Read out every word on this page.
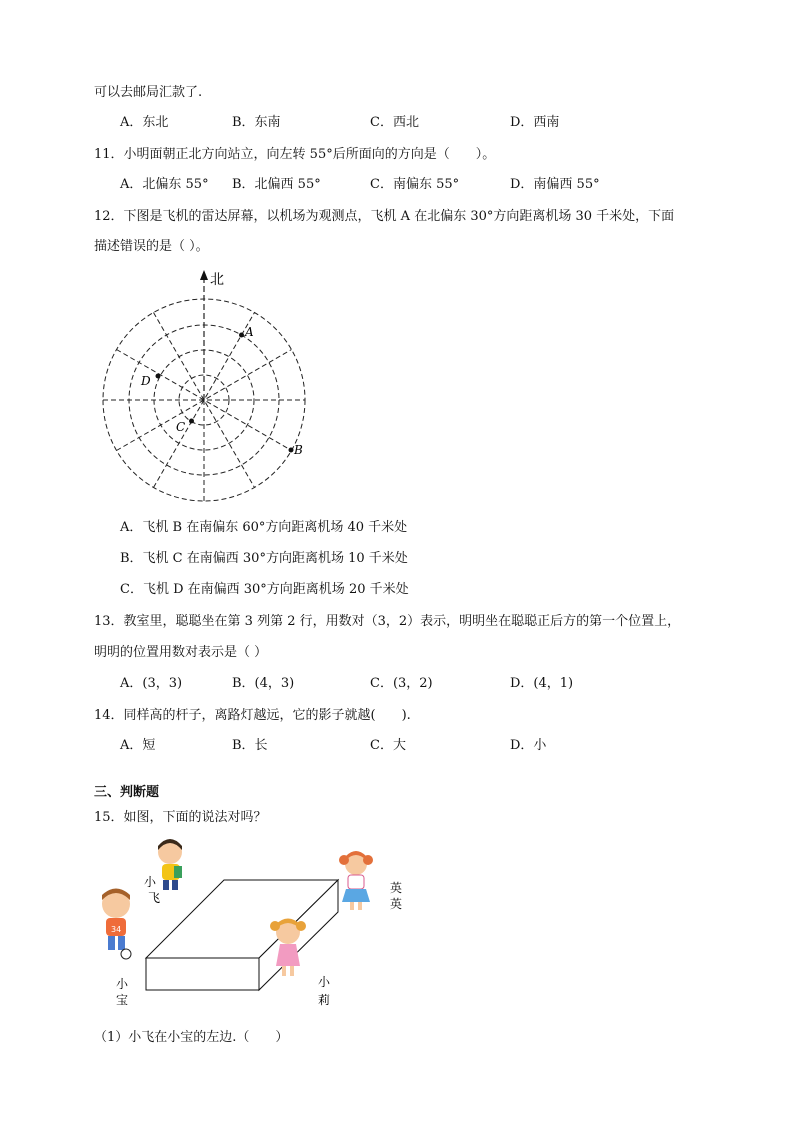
可以去邮局汇款了.
A．东北	B．东南	C．西北	D．西南
11．小明面朝正北方向站立，向左转 55°后所面向的方向是（　　）。
A．北偏东 55° B．北偏西 55°	C．南偏东 55°	D．南偏西 55°
12．下图是飞机的雷达屏幕，以机场为观测点，飞机 A 在北偏东 30°方向距离机场 30 千米处，下面
描述错误的是（ ）。
北
A
B
C
D
A．飞机 B 在南偏东 60°方向距离机场 40 千米处
B．飞机 C 在南偏西 30°方向距离机场 10 千米处
C．飞机 D 在南偏西 30°方向距离机场 20 千米处
13．教室里，聪聪坐在第 3 列第 2 行，用数对（3，2）表示，明明坐在聪聪正后方的第一个位置上，
明明的位置用数对表示是（ ）
A．(3，3)	B．(4，3)	C．(3，2)	D．(4，1)
14．同样高的杆子，离路灯越远，它的影子就越(　　).
A．短	B．长	C．大	D．小
三、判断题
15．如图，下面的说法对吗？
小
飞
英
英
34
小
宝
小
莉
（1）小飞在小宝的左边.（　　）
